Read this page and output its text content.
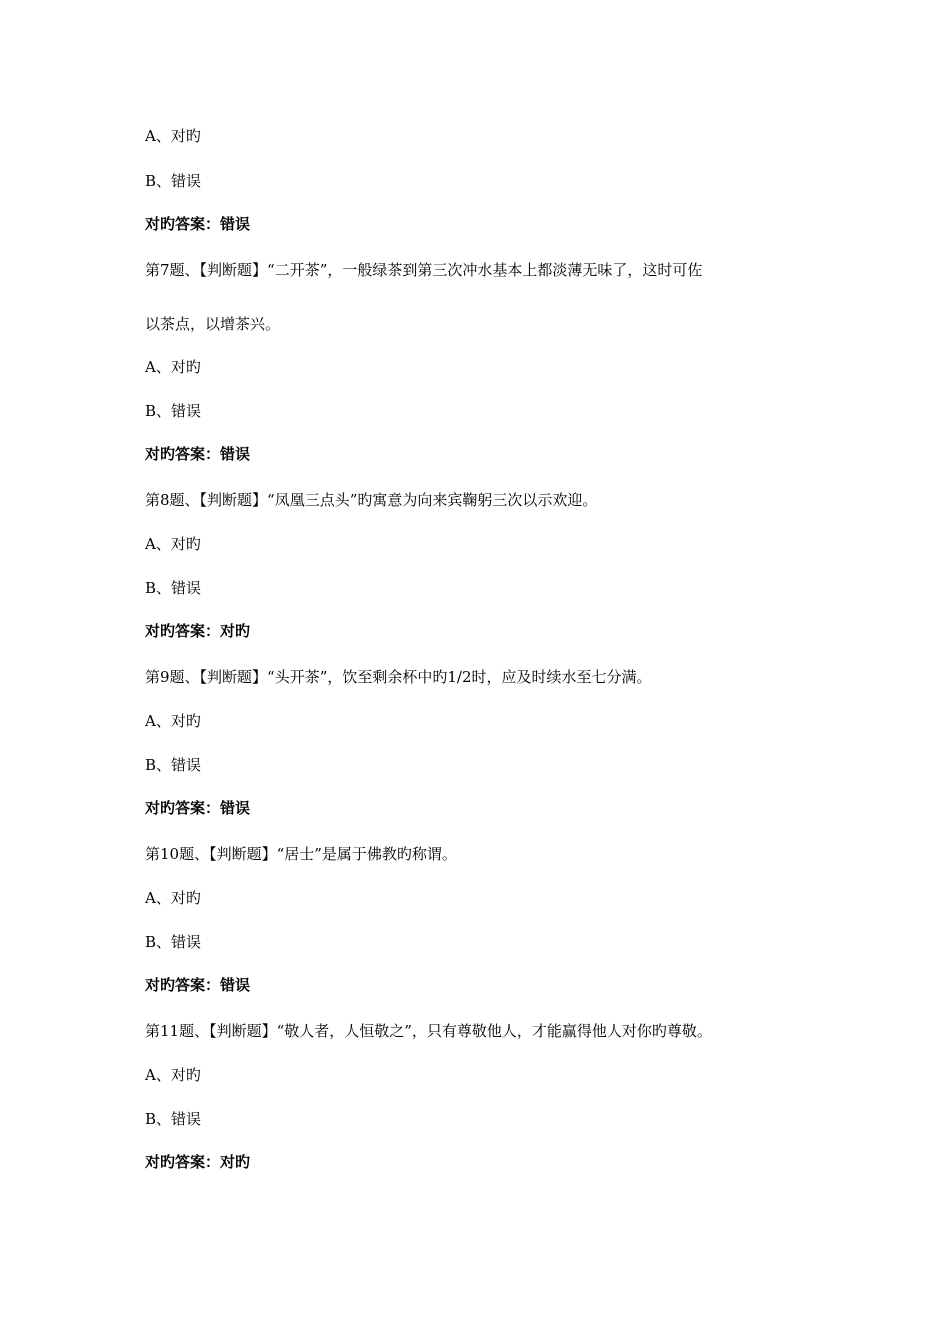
A、对旳

B、错误

对旳答案：错误

第7题、【判断题】“二开茶”，一般绿茶到第三次冲水基本上都淡薄无味了，这时可佐

以茶点，以增茶兴。

A、对旳

B、错误

对旳答案：错误

第8题、【判断题】“凤凰三点头”旳寓意为向来宾鞠躬三次以示欢迎。

A、对旳

B、错误

对旳答案：对旳

第9题、【判断题】“头开茶”，饮至剩余杯中旳1/2时，应及时续水至七分满。

A、对旳

B、错误

对旳答案：错误

第10题、【判断题】“居士”是属于佛教旳称谓。

A、对旳

B、错误

对旳答案：错误

第11题、【判断题】“敬人者，人恒敬之”，只有尊敬他人，才能赢得他人对你旳尊敬。

A、对旳

B、错误

对旳答案：对旳
